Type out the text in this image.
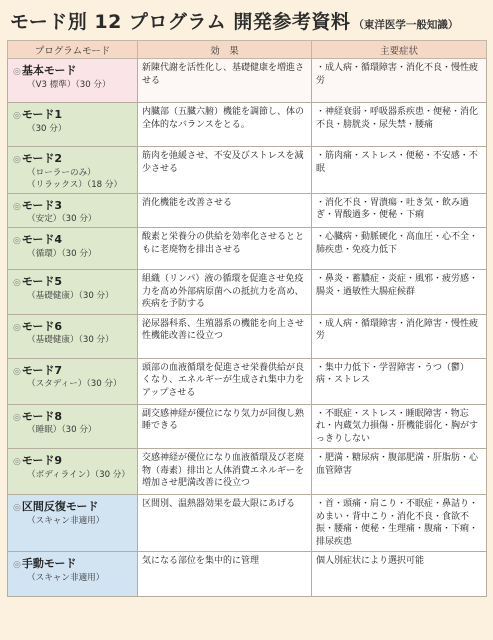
モード別 12 プログラム 開発参考資料 （東洋医学一般知識）
プログラムモード	効　果	主要症状

◎基本モード
（V3 標準）（30 分）	新陳代謝を活性化し、基礎健康を増進させる	・成人病・循環障害・消化不良・慢性疲労

◎モード1
（30 分）	内臓部（五臓六腑）機能を調節し、体の全体的なバランスをとる。	・神経衰弱・呼吸器系疾患・便秘・消化不良・膀胱炎・尿失禁・腰痛

◎モード2
（ローラーのみ）
（リラックス）（18 分）	筋肉を弛緩させ、不安及びストレスを減少させる	・筋肉痛・ストレス・便秘・不安感・不眠

◎モード3
（安定）（30 分）	消化機能を改善させる	・消化不良・胃潰瘍・吐き気・飲み過ぎ・胃酸過多・便秘・下痢

◎モード4
（循環）（30 分）	酸素と栄養分の供給を効率化させるとともに老廃物を排出させる	・心臓病・動脈硬化・高血圧・心不全・肺疾患・免疫力低下

◎モード5
（基礎健康）（30 分）	組織（リンパ）液の循環を促進させ免疫力を高め外部病原菌への抵抗力を高め、疾病を予防する	・鼻炎・蓄膿症・炎症・風邪・疲労感・腸炎・過敏性大腸症候群

◎モード6
（基礎健康）（30 分）	泌尿器科系、生殖器系の機能を向上させ性機能改善に役立つ	・成人病・循環障害・消化障害・慢性疲労

◎モード7
（スタディー）（30 分）	頭部の血液循環を促進させ栄養供給が良くなり、エネルギーが生成され集中力をアップさせる	・集中力低下・学習障害・うつ（鬱）病・ストレス

◎モード8
（睡眠）（30 分）	副交感神経が優位になり気力が回復し熟睡できる	・不眠症・ストレス・睡眠障害・物忘れ・内蔵気力損傷・肝機能弱化・胸がすっきりしない

◎モード9
（ボディライン）（30 分）	交感神経が優位になり血液循環及び老廃物（毒素）排出と人体消費エネルギーを増加させ肥満改善に役立つ	・肥満・糖尿病・腹部肥満・肝脂肪・心血管障害

◎区間反復モード
（スキャン非適用）	区間別、温熱器効果を最大限にあげる	・首・頭痛・肩こり・不眠症・鼻詰り・めまい・背中こり・消化不良・食欲不振・腰痛・便秘・生理痛・腹痛・下痢・排尿疾患

◎手動モード
（スキャン非適用）	気になる部位を集中的に管理	個人別症状により選択可能
